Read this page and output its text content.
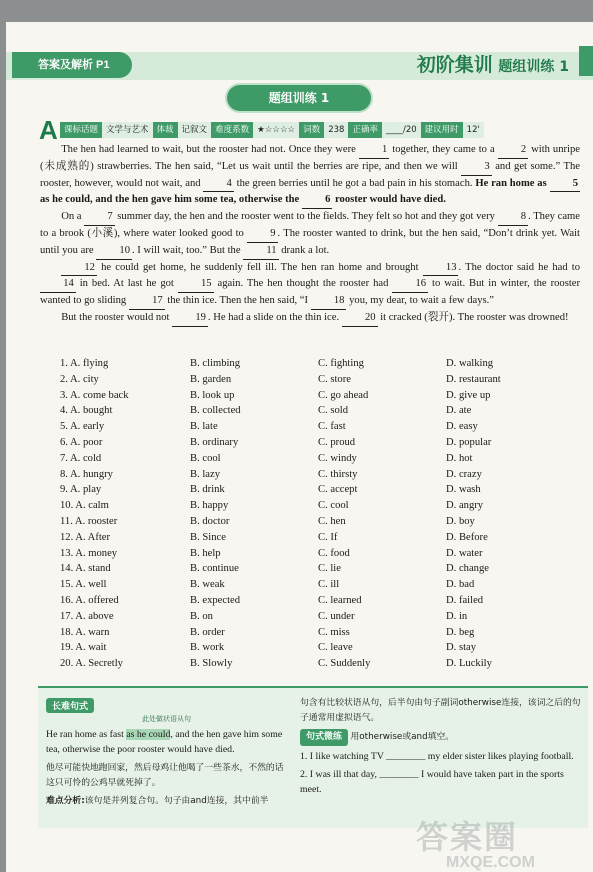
答案及解析 P1	初阶集训 题组训练 1
题组训练 1
A 课标话题 文学与艺术 体裁 记叙文 难度系数 ★☆☆☆☆ 词数 238 正确率 ____/20 建议用时 12'

The hen had learned to wait, but the rooster had not. Once they were 1 together, they came to a 2 with unripe (未成熟的) strawberries. The hen said, “Let us wait until the berries are ripe, and then we will 3 and get some.” The rooster, however, would not wait, and 4 the green berries until he got a bad pain in his stomach. He ran home as 5 as he could, and the hen gave him some tea, otherwise the 6 rooster would have died.

On a 7 summer day, the hen and the rooster went to the fields. They felt so hot and they got very 8 . They came to a brook (小溪), where water looked good to 9 . The rooster wanted to drink, but the hen said, “Don’t drink yet. Wait until you are 10 . I will wait, too.” But the 11 drank a lot.

12 he could get home, he suddenly fell ill. The hen ran home and brought 13 . The doctor said he had to 14 in bed. At last he got 15 again. The hen thought the rooster had 16 to wait. But in winter, the rooster wanted to go sliding 17 the thin ice. Then the hen said, “I 18 you, my dear, to wait a few days.”

But the rooster would not 19 . He had a slide on the thin ice. 20 it cracked (裂开). The rooster was drowned!

1. A. flying	B. climbing	C. fighting	D. walking
2. A. city	B. garden	C. store	D. restaurant
3. A. come back	B. look up	C. go ahead	D. give up
4. A. bought	B. collected	C. sold	D. ate
5. A. early	B. late	C. fast	D. easy
6. A. poor	B. ordinary	C. proud	D. popular
7. A. cold	B. cool	C. windy	D. hot
8. A. hungry	B. lazy	C. thirsty	D. crazy
9. A. play	B. drink	C. accept	D. wash
10. A. calm	B. happy	C. cool	D. angry
11. A. rooster	B. doctor	C. hen	D. boy
12. A. After	B. Since	C. If	D. Before
13. A. money	B. help	C. food	D. water
14. A. stand	B. continue	C. lie	D. change
15. A. well	B. weak	C. ill	D. bad
16. A. offered	B. expected	C. learned	D. failed
17. A. above	B. on	C. under	D. in
18. A. warn	B. order	C. miss	D. beg
19. A. wait	B. work	C. leave	D. stay
20. A. Secretly	B. Slowly	C. Suddenly	D. Luckily
长难句式
此处做状语从句
He ran home as fast as he could, and the hen gave him some tea, otherwise the poor rooster would have died.
他尽可能快地跑回家，然后母鸡让他喝了一些茶水，不然的话这只可怜的公鸡早就死掉了。
难点分析:该句是并列复合句。句子由and连接，其中前半
句含有比较状语从句，后半句由句子副词otherwise连接，该词之后的句子通常用虚拟语气。
句式微练 用otherwise或and填空。
1. I like watching TV ________ my elder sister likes playing football.
2. I was ill that day, ________ I would have taken part in the sports meet.
答案圈
MXQE.COM
